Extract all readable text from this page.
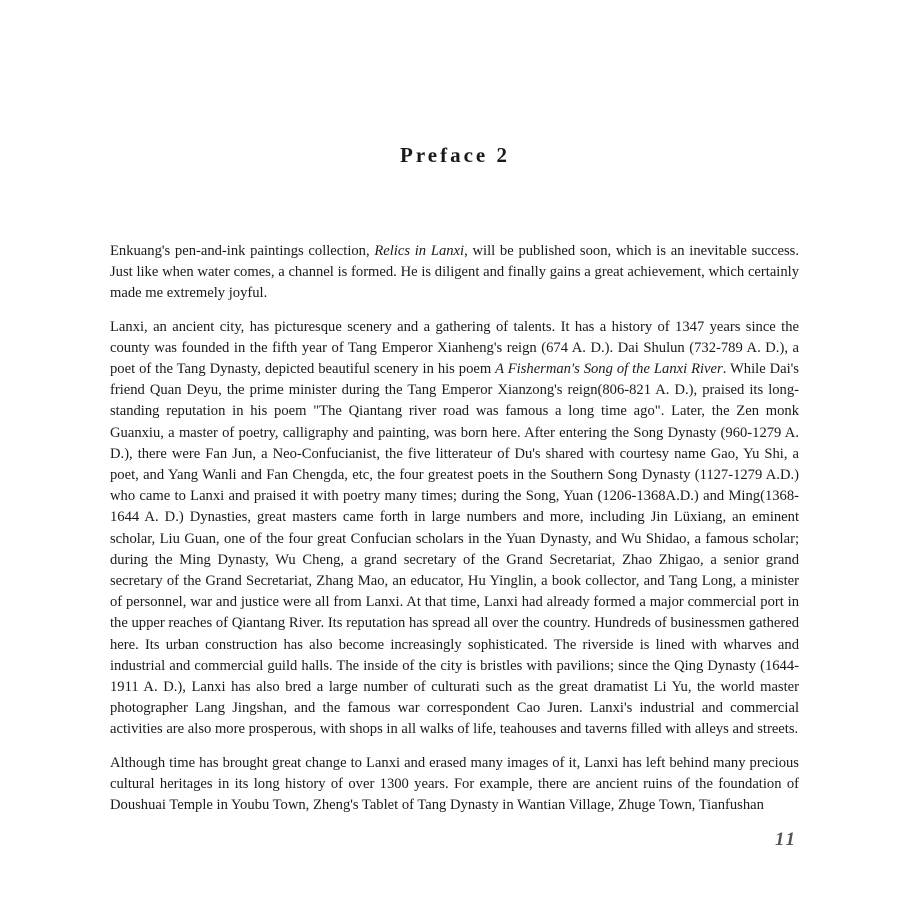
Preface 2

Enkuang's pen-and-ink paintings collection, Relics in Lanxi, will be published soon, which is an inevitable success. Just like when water comes, a channel is formed. He is diligent and finally gains a great achievement, which certainly made me extremely joyful.

Lanxi, an ancient city, has picturesque scenery and a gathering of talents. It has a history of 1347 years since the county was founded in the fifth year of Tang Emperor Xianheng's reign (674 A. D.). Dai Shulun (732-789 A. D.), a poet of the Tang Dynasty, depicted beautiful scenery in his poem A Fisherman's Song of the Lanxi River. While Dai's friend Quan Deyu, the prime minister during the Tang Emperor Xianzong's reign(806-821 A. D.), praised its long-standing reputation in his poem "The Qiantang river road was famous a long time ago". Later, the Zen monk Guanxiu, a master of poetry, calligraphy and painting, was born here. After entering the Song Dynasty (960-1279 A. D.), there were Fan Jun, a Neo-Confucianist, the five litterateur of Du's shared with courtesy name Gao, Yu Shi, a poet, and Yang Wanli and Fan Chengda, etc, the four greatest poets in the Southern Song Dynasty (1127-1279 A.D.) who came to Lanxi and praised it with poetry many times; during the Song, Yuan (1206-1368A.D.) and Ming(1368-1644 A. D.) Dynasties, great masters came forth in large numbers and more, including Jin Lüxiang, an eminent scholar, Liu Guan, one of the four great Confucian scholars in the Yuan Dynasty, and Wu Shidao, a famous scholar; during the Ming Dynasty, Wu Cheng, a grand secretary of the Grand Secretariat, Zhao Zhigao, a senior grand secretary of the Grand Secretariat, Zhang Mao, an educator, Hu Yinglin, a book collector, and Tang Long, a minister of personnel, war and justice were all from Lanxi. At that time, Lanxi had already formed a major commercial port in the upper reaches of Qiantang River. Its reputation has spread all over the country. Hundreds of businessmen gathered here. Its urban construction has also become increasingly sophisticated. The riverside is lined with wharves and industrial and commercial guild halls. The inside of the city is bristles with pavilions; since the Qing Dynasty (1644-1911 A. D.), Lanxi has also bred a large number of culturati such as the great dramatist Li Yu, the world master photographer Lang Jingshan, and the famous war correspondent Cao Juren. Lanxi's industrial and commercial activities are also more prosperous, with shops in all walks of life, teahouses and taverns filled with alleys and streets.

Although time has brought great change to Lanxi and erased many images of it, Lanxi has left behind many precious cultural heritages in its long history of over 1300 years. For example, there are ancient ruins of the foundation of Doushuai Temple in Youbu Town, Zheng's Tablet of Tang Dynasty in Wantian Village, Zhuge Town, Tianfushan

11
